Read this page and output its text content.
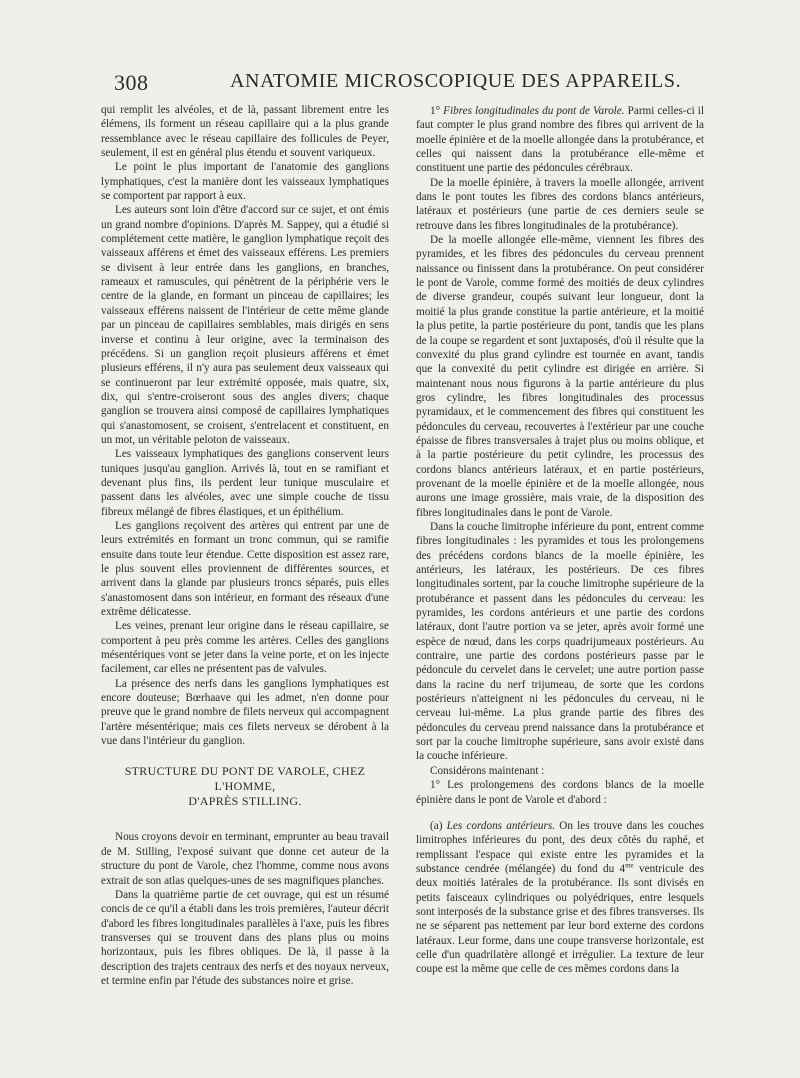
308	ANATOMIE MICROSCOPIQUE DES APPAREILS.

qui remplit les alvéoles, et de là, passant librement entre les élémens, ils forment un réseau capillaire qui a la plus grande ressemblance avec le réseau capillaire des follicules de Peyer, seulement, il est en général plus étendu et souvent variqueux.

Le point le plus important de l'anatomie des ganglions lymphatiques, c'est la manière dont les vaisseaux lymphatiques se comportent par rapport à eux.

Les auteurs sont loin d'être d'accord sur ce sujet, et ont émis un grand nombre d'opinions. D'après M. Sappey, qui a étudié si complétement cette matière, le ganglion lymphatique reçoit des vaisseaux afférens et émet des vaisseaux efférens. Les premiers se divisent à leur entrée dans les ganglions, en branches, rameaux et ramuscules, qui pénètrent de la périphérie vers le centre de la glande, en formant un pinceau de capillaires; les vaisseaux efférens naissent de l'intérieur de cette même glande par un pinceau de capillaires semblables, mais dirigés en sens inverse et continu à leur origine, avec la terminaison des précédens. Si un ganglion reçoit plusieurs afférens et émet plusieurs efférens, il n'y aura pas seulement deux vaisseaux qui se continueront par leur extrémité opposée, mais quatre, six, dix, qui s'entre-croiseront sous des angles divers; chaque ganglion se trouvera ainsi composé de capillaires lymphatiques qui s'anastomosent, se croisent, s'entrelacent et constituent, en un mot, un véritable peloton de vaisseaux.

Les vaisseaux lymphatiques des ganglions conservent leurs tuniques jusqu'au ganglion. Arrivés là, tout en se ramifiant et devenant plus fins, ils perdent leur tunique musculaire et passent dans les alvéoles, avec une simple couche de tissu fibreux mélangé de fibres élastiques, et un épithélium.

Les ganglions reçoivent des artères qui entrent par une de leurs extrémités en formant un tronc commun, qui se ramifie ensuite dans toute leur étendue. Cette disposition est assez rare, le plus souvent elles proviennent de différentes sources, et arrivent dans la glande par plusieurs troncs séparés, puis elles s'anastomosent dans son intérieur, en formant des réseaux d'une extrême délicatesse.

Les veines, prenant leur origine dans le réseau capillaire, se comportent à peu près comme les artères. Celles des ganglions mésentériques vont se jeter dans la veine porte, et on les injecte facilement, car elles ne présentent pas de valvules.

La présence des nerfs dans les ganglions lymphatiques est encore douteuse; Bœrhaave qui les admet, n'en donne pour preuve que le grand nombre de filets nerveux qui accompagnent l'artère mésentérique; mais ces filets nerveux se dérobent à la vue dans l'intérieur du ganglion.

STRUCTURE DU PONT DE VAROLE, CHEZ L'HOMME,
D'APRÈS STILLING.

Nous croyons devoir en terminant, emprunter au beau travail de M. Stilling, l'exposé suivant que donne cet auteur de la structure du pont de Varole, chez l'homme, comme nous avons extrait de son atlas quelques-unes de ses magnifiques planches.

Dans la quatrième partie de cet ouvrage, qui est un résumé concis de ce qu'il a établi dans les trois premières, l'auteur décrit d'abord les fibres longitudinales parallèles à l'axe, puis les fibres transverses qui se trouvent dans des plans plus ou moins horizontaux, puis les fibres obliques. De là, il passe à la description des trajets centraux des nerfs et des noyaux nerveux, et termine enfin par l'étude des substances noire et grise.

1° Fibres longitudinales du pont de Varole. Parmi celles-ci il faut compter le plus grand nombre des fibres qui arrivent de la moelle épinière et de la moelle allongée dans la protubérance, et celles qui naissent dans la protubérance elle-même et constituent une partie des pédoncules cérébraux.

De la moelle épinière, à travers la moelle allongée, arrivent dans le pont toutes les fibres des cordons blancs antérieurs, latéraux et postérieurs (une partie de ces derniers seule se retrouve dans les fibres longitudinales de la protubérance).

De la moelle allongée elle-même, viennent les fibres des pyramides, et les fibres des pédoncules du cerveau prennent naissance ou finissent dans la protubérance. On peut considérer le pont de Varole, comme formé des moitiés de deux cylindres de diverse grandeur, coupés suivant leur longueur, dont la moitié la plus grande constitue la partie antérieure, et la moitié la plus petite, la partie postérieure du pont, tandis que les plans de la coupe se regardent et sont juxtaposés, d'où il résulte que la convexité du plus grand cylindre est tournée en avant, tandis que la convexité du petit cylindre est dirigée en arrière. Si maintenant nous nous figurons à la partie antérieure du plus gros cylindre, les fibres longitudinales des processus pyramidaux, et le commencement des fibres qui constituent les pédoncules du cerveau, recouvertes à l'extérieur par une couche épaisse de fibres transversales à trajet plus ou moins oblique, et à la partie postérieure du petit cylindre, les processus des cordons blancs antérieurs latéraux, et en partie postérieurs, provenant de la moelle épinière et de la moelle allongée, nous aurons une image grossière, mais vraie, de la disposition des fibres longitudinales dans le pont de Varole.

Dans la couche limitrophe inférieure du pont, entrent comme fibres longitudinales : les pyramides et tous les prolongemens des précédens cordons blancs de la moelle épinière, les antérieurs, les latéraux, les postérieurs. De ces fibres longitudinales sortent, par la couche limitrophe supérieure de la protubérance et passent dans les pédoncules du cerveau: les pyramides, les cordons antérieurs et une partie des cordons latéraux, dont l'autre portion va se jeter, après avoir formé une espèce de nœud, dans les corps quadrijumeaux postérieurs. Au contraire, une partie des cordons postérieurs passe par le pédoncule du cervelet dans le cervelet; une autre portion passe dans la racine du nerf trijumeau, de sorte que les cordons postérieurs n'atteignent ni les pédoncules du cerveau, ni le cerveau lui-même. La plus grande partie des fibres des pédoncules du cerveau prend naissance dans la protubérance et sort par la couche limitrophe supérieure, sans avoir existé dans la couche inférieure.

Considérons maintenant :

1° Les prolongemens des cordons blancs de la moelle épinière dans le pont de Varole et d'abord :

(a) Les cordons antérieurs. On les trouve dans les couches limitrophes inférieures du pont, des deux côtés du raphé, et remplissant l'espace qui existe entre les pyramides et la substance cendrée (mélangée) du fond du $4^{me}$ ventricule des deux moitiés latérales de la protubérance. Ils sont divisés en petits faisceaux cylindriques ou polyédriques, entre lesquels sont interposés de la substance grise et des fibres transverses. Ils ne se séparent pas nettement par leur bord externe des cordons latéraux. Leur forme, dans une coupe transverse horizontale, est celle d'un quadrilatère allongé et irrégulier. La texture de leur coupe est la même que celle de ces mêmes cordons dans la
